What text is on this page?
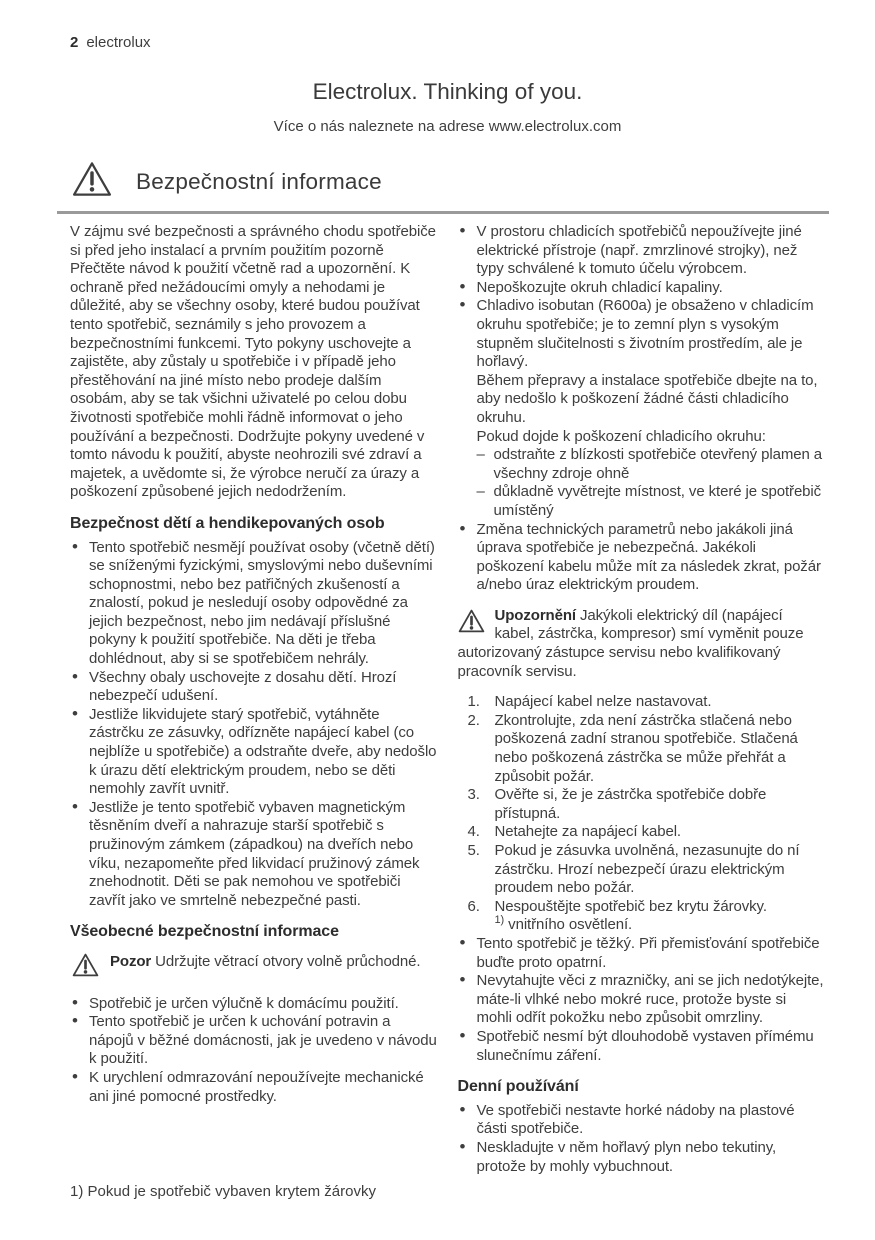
2 electrolux
Electrolux. Thinking of you.
Více o nás naleznete na adrese www.electrolux.com
Bezpečnostní informace

V zájmu své bezpečnosti a správného chodu spotřebiče si před jeho instalací a prvním použitím pozorně Přečtěte návod k použití včetně rad a upozornění. K ochraně před nežádoucími omyly a nehodami je důležité, aby se všechny osoby, které budou používat tento spotřebič, seznámily s jeho provozem a bezpečnostními funkcemi. Tyto pokyny uschovejte a zajistěte, aby zůstaly u spotřebiče i v případě jeho přestěhování na jiné místo nebo prodeje dalším osobám, aby se tak všichni uživatelé po celou dobu životnosti spotřebiče mohli řádně informovat o jeho používání a bezpečnosti. Dodržujte pokyny uvedené v tomto návodu k použití, abyste neohrozili své zdraví a majetek, a uvědomte si, že výrobce neručí za úrazy a poškození způsobené jejich nedodržením.

Bezpečnost dětí a hendikepovaných osob
• Tento spotřebič nesmějí používat osoby (včetně dětí) se sníženými fyzickými, smyslovými nebo duševními schopnostmi, nebo bez patřičných zkušeností a znalostí, pokud je nesledují osoby odpovědné za jejich bezpečnost, nebo jim nedávají příslušné pokyny k použití spotřebiče. Na děti je třeba dohlédnout, aby si se spotřebičem nehrály.
• Všechny obaly uschovejte z dosahu dětí. Hrozí nebezpečí udušení.
• Jestliže likvidujete starý spotřebič, vytáhněte zástrčku ze zásuvky, odřízněte napájecí kabel (co nejblíže u spotřebiče) a odstraňte dveře, aby nedošlo k úrazu dětí elektrickým proudem, nebo se děti nemohly zavřít uvnitř.
• Jestliže je tento spotřebič vybaven magnetickým těsněním dveří a nahrazuje starší spotřebič s pružinovým zámkem (západkou) na dveřích nebo víku, nezapomeňte před likvidací pružinový zámek znehodnotit. Děti se pak nemohou ve spotřebiči zavřít jako ve smrtelně nebezpečné pasti.
Všeobecné bezpečnostní informace
Pozor Udržujte větrací otvory volně průchodné.
• Spotřebič je určen výlučně k domácímu použití.
• Tento spotřebič je určen k uchování potravin a nápojů v běžné domácnosti, jak je uvedeno v návodu k použití.
• K urychlení odmrazování nepoužívejte mechanické ani jiné pomocné prostředky.
• V prostoru chladicích spotřebičů nepoužívejte jiné elektrické přístroje (např. zmrzlinové strojky), než typy schválené k tomuto účelu výrobcem.
• Nepoškozujte okruh chladicí kapaliny.
• Chladivo isobutan (R600a) je obsaženo v chladicím okruhu spotřebiče; je to zemní plyn s vysokým stupněm slučitelnosti s životním prostředím, ale je hořlavý.
Během přepravy a instalace spotřebiče dbejte na to, aby nedošlo k poškození žádné části chladicího okruhu.
Pokud dojde k poškození chladicího okruhu:
– odstraňte z blízkosti spotřebiče otevřený plamen a všechny zdroje ohně
– důkladně vyvětrejte místnost, ve které je spotřebič umístěný
• Změna technických parametrů nebo jakákoli jiná úprava spotřebiče je nebezpečná. Jakékoli poškození kabelu může mít za následek zkrat, požár a/nebo úraz elektrickým proudem.
Upozornění Jakýkoli elektrický díl (napájecí kabel, zástrčka, kompresor) smí vyměnit pouze autorizovaný zástupce servisu nebo kvalifikovaný pracovník servisu.
Napájecí kabel nelze nastavovat.
Zkontrolujte, zda není zástrčka stlačená nebo poškozená zadní stranou spotřebiče. Stlačená nebo poškozená zástrčka se může přehřát a způsobit požár.
Ověřte si, že je zástrčka spotřebiče dobře přístupná.
Netahejte za napájecí kabel.
Pokud je zásuvka uvolněná, nezasunujte do ní zástrčku. Hrozí nebezpečí úrazu elektrickým proudem nebo požár.
Nespouštějte spotřebič bez krytu žárovky.
$^{1)}$ vnitřního osvětlení.
• Tento spotřebič je těžký. Při přemisťování spotřebiče buďte proto opatrní.
• Nevytahujte věci z mrazničky, ani se jich nedotýkejte, máte-li vlhké nebo mokré ruce, protože byste si mohli odřít pokožku nebo způsobit omrzliny.
• Spotřebič nesmí být dlouhodobě vystaven přímému slunečnímu záření.
Denní používání
• Ve spotřebiči nestavte horké nádoby na plastové části spotřebiče.
• Neskladujte v něm hořlavý plyn nebo tekutiny, protože by mohly vybuchnout.
1) Pokud je spotřebič vybaven krytem žárovky
